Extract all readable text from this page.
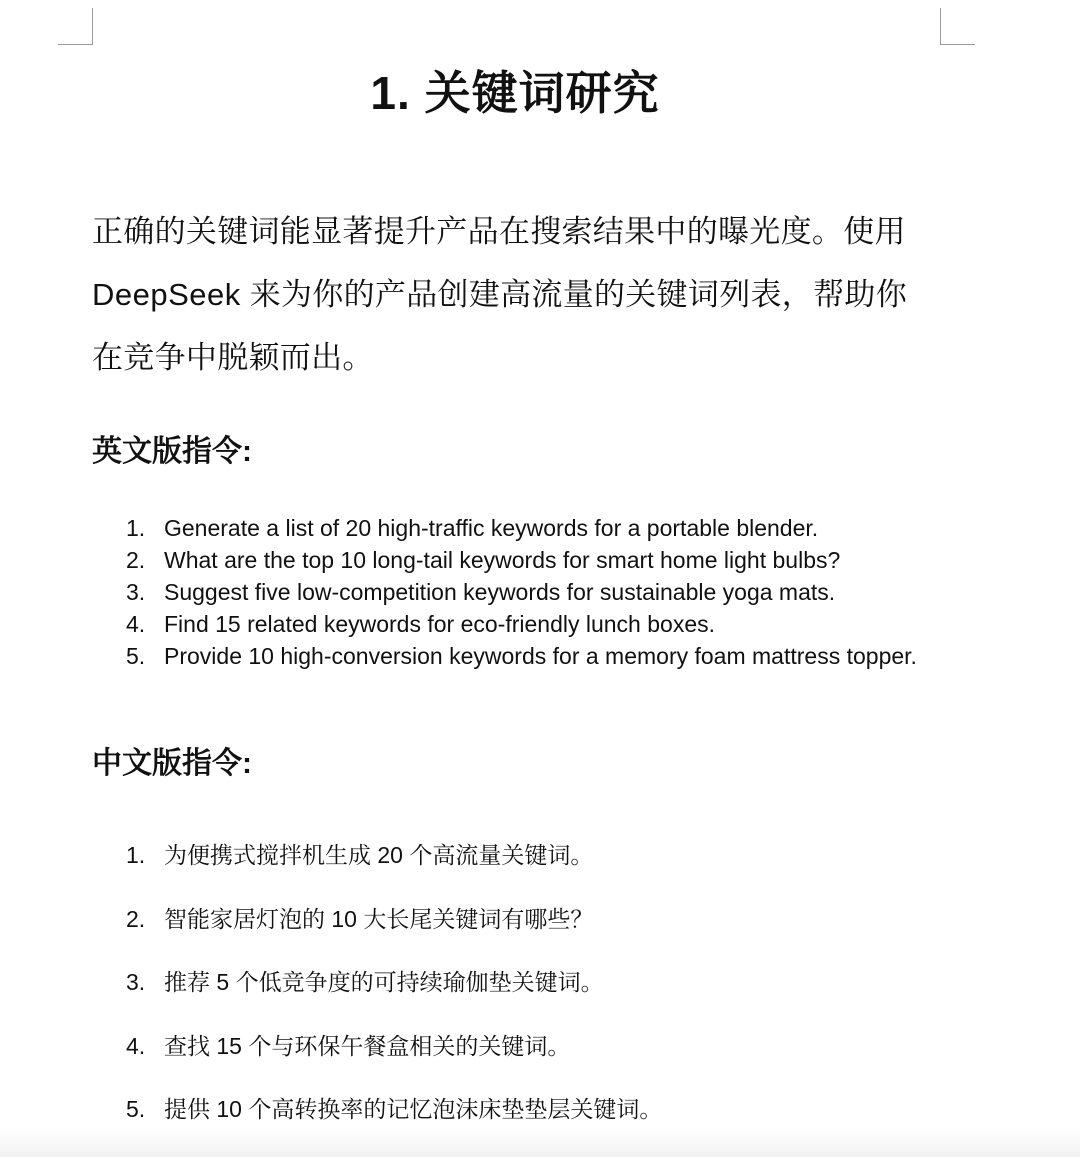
1. 关键词研究
正确的关键词能显著提升产品在搜索结果中的曝光度。使用
DeepSeek 来为你的产品创建高流量的关键词列表，帮助你
在竞争中脱颖而出。
英文版指令:
1. Generate a list of 20 high-traffic keywords for a portable blender.
2. What are the top 10 long-tail keywords for smart home light bulbs?
3. Suggest five low-competition keywords for sustainable yoga mats.
4. Find 15 related keywords for eco-friendly lunch boxes.
5. Provide 10 high-conversion keywords for a memory foam mattress topper.
中文版指令:
1. 为便携式搅拌机生成 20 个高流量关键词。
2. 智能家居灯泡的 10 大长尾关键词有哪些？
3. 推荐 5 个低竞争度的可持续瑜伽垫关键词。
4. 查找 15 个与环保午餐盒相关的关键词。
5. 提供 10 个高转换率的记忆泡沫床垫垫层关键词。
